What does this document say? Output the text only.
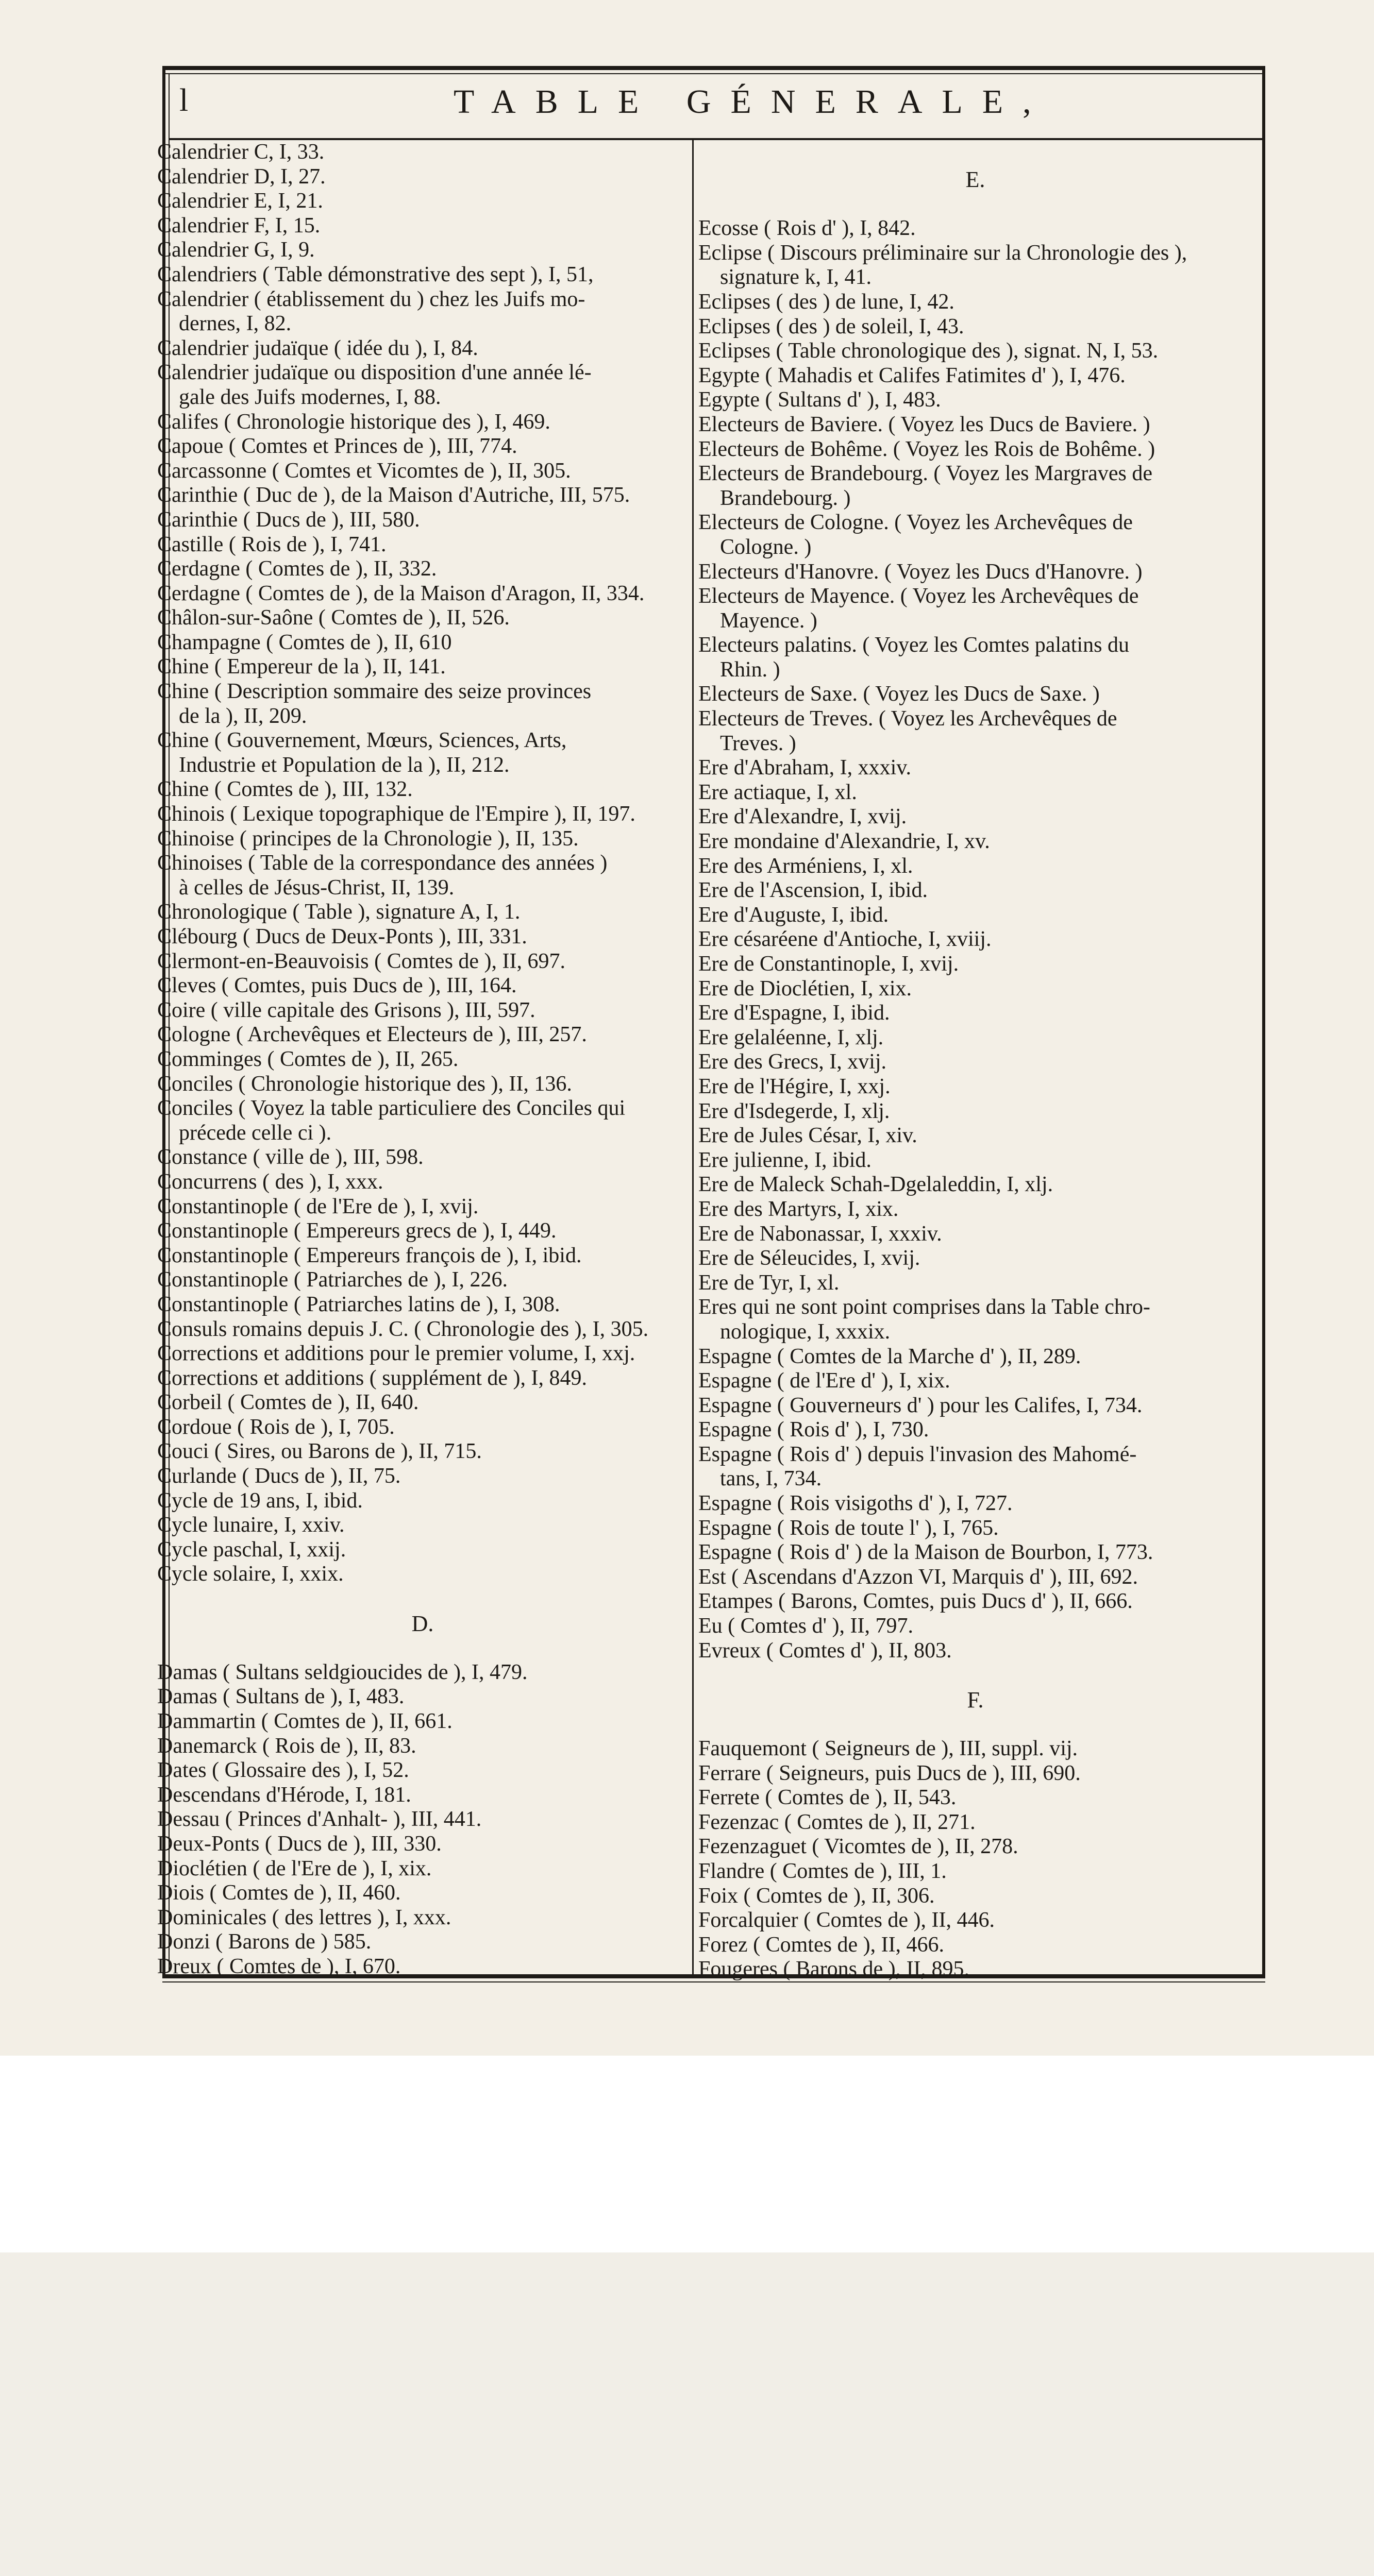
l	TABLE GÉNERALE,
Calendrier C, I, 33.
Calendrier D, I, 27.
Calendrier E, I, 21.
Calendrier F, I, 15.
Calendrier G, I, 9.
Calendriers ( Table démonstrative des sept ), I, 51,
Calendrier ( établissement du ) chez les Juifs mo-
dernes, I, 82.
Calendrier judaïque ( idée du ), I, 84.
Calendrier judaïque ou disposition d'une année lé-
gale des Juifs modernes, I, 88.
Califes ( Chronologie historique des ), I, 469.
Capoue ( Comtes et Princes de ), III, 774.
Carcassonne ( Comtes et Vicomtes de ), II, 305.
Carinthie ( Duc de ), de la Maison d'Autriche, III, 575.
Carinthie ( Ducs de ), III, 580.
Castille ( Rois de ), I, 741.
Cerdagne ( Comtes de ), II, 332.
Cerdagne ( Comtes de ), de la Maison d'Aragon, II, 334.
Châlon-sur-Saône ( Comtes de ), II, 526.
Champagne ( Comtes de ), II, 610
Chine ( Empereur de la ), II, 141.
Chine ( Description sommaire des seize provinces
de la ), II, 209.
Chine ( Gouvernement, Mœurs, Sciences, Arts,
Industrie et Population de la ), II, 212.
Chine ( Comtes de ), III, 132.
Chinois ( Lexique topographique de l'Empire ), II, 197.
Chinoise ( principes de la Chronologie ), II, 135.
Chinoises ( Table de la correspondance des années )
à celles de Jésus-Christ, II, 139.
Chronologique ( Table ), signature A, I, 1.
Clébourg ( Ducs de Deux-Ponts ), III, 331.
Clermont-en-Beauvoisis ( Comtes de ), II, 697.
Cleves ( Comtes, puis Ducs de ), III, 164.
Coire ( ville capitale des Grisons ), III, 597.
Cologne ( Archevêques et Electeurs de ), III, 257.
Comminges ( Comtes de ), II, 265.
Conciles ( Chronologie historique des ), II, 136.
Conciles ( Voyez la table particuliere des Conciles qui
précede celle ci ).
Constance ( ville de ), III, 598.
Concurrens ( des ), I, xxx.
Constantinople ( de l'Ere de ), I, xvij.
Constantinople ( Empereurs grecs de ), I, 449.
Constantinople ( Empereurs françois de ), I, ibid.
Constantinople ( Patriarches de ), I, 226.
Constantinople ( Patriarches latins de ), I, 308.
Consuls romains depuis J. C. ( Chronologie des ), I, 305.
Corrections et additions pour le premier volume, I, xxj.
Corrections et additions ( supplément de ), I, 849.
Corbeil ( Comtes de ), II, 640.
Cordoue ( Rois de ), I, 705.
Couci ( Sires, ou Barons de ), II, 715.
Curlande ( Ducs de ), II, 75.
Cycle de 19 ans, I, ibid.
Cycle lunaire, I, xxiv.
Cycle paschal, I, xxij.
Cycle solaire, I, xxix.

D.

Damas ( Sultans seldgioucides de ), I, 479.
Damas ( Sultans de ), I, 483.
Dammartin ( Comtes de ), II, 661.
Danemarck ( Rois de ), II, 83.
Dates ( Glossaire des ), I, 52.
Descendans d'Hérode, I, 181.
Dessau ( Princes d'Anhalt- ), III, 441.
Deux-Ponts ( Ducs de ), III, 330.
Dioclétien ( de l'Ere de ), I, xix.
Diois ( Comtes de ), II, 460.
Dominicales ( des lettres ), I, xxx.
Donzi ( Barons de ) 585.
Dreux ( Comtes de ), I, 670.
E.

Ecosse ( Rois d' ), I, 842.
Eclipse ( Discours préliminaire sur la Chronologie des ),
signature k, I, 41.
Eclipses ( des ) de lune, I, 42.
Eclipses ( des ) de soleil, I, 43.
Eclipses ( Table chronologique des ), signat. N, I, 53.
Egypte ( Mahadis et Califes Fatimites d' ), I, 476.
Egypte ( Sultans d' ), I, 483.
Electeurs de Baviere. ( Voyez les Ducs de Baviere. )
Electeurs de Bohême. ( Voyez les Rois de Bohême. )
Electeurs de Brandebourg. ( Voyez les Margraves de
Brandebourg. )
Electeurs de Cologne. ( Voyez les Archevêques de
Cologne. )
Electeurs d'Hanovre. ( Voyez les Ducs d'Hanovre. )
Electeurs de Mayence. ( Voyez les Archevêques de
Mayence. )
Electeurs palatins. ( Voyez les Comtes palatins du
Rhin. )
Electeurs de Saxe. ( Voyez les Ducs de Saxe. )
Electeurs de Treves. ( Voyez les Archevêques de
Treves. )
Ere d'Abraham, I, xxxiv.
Ere actiaque, I, xl.
Ere d'Alexandre, I, xvij.
Ere mondaine d'Alexandrie, I, xv.
Ere des Arméniens, I, xl.
Ere de l'Ascension, I, ibid.
Ere d'Auguste, I, ibid.
Ere césaréene d'Antioche, I, xviij.
Ere de Constantinople, I, xvij.
Ere de Dioclétien, I, xix.
Ere d'Espagne, I, ibid.
Ere gelaléenne, I, xlj.
Ere des Grecs, I, xvij.
Ere de l'Hégire, I, xxj.
Ere d'Isdegerde, I, xlj.
Ere de Jules César, I, xiv.
Ere julienne, I, ibid.
Ere de Maleck Schah-Dgelaleddin, I, xlj.
Ere des Martyrs, I, xix.
Ere de Nabonassar, I, xxxiv.
Ere de Séleucides, I, xvij.
Ere de Tyr, I, xl.
Eres qui ne sont point comprises dans la Table chro-
nologique, I, xxxix.
Espagne ( Comtes de la Marche d' ), II, 289.
Espagne ( de l'Ere d' ), I, xix.
Espagne ( Gouverneurs d' ) pour les Califes, I, 734.
Espagne ( Rois d' ), I, 730.
Espagne ( Rois d' ) depuis l'invasion des Mahomé-
tans, I, 734.
Espagne ( Rois visigoths d' ), I, 727.
Espagne ( Rois de toute l' ), I, 765.
Espagne ( Rois d' ) de la Maison de Bourbon, I, 773.
Est ( Ascendans d'Azzon VI, Marquis d' ), III, 692.
Etampes ( Barons, Comtes, puis Ducs d' ), II, 666.
Eu ( Comtes d' ), II, 797.
Evreux ( Comtes d' ), II, 803.

F.

Fauquemont ( Seigneurs de ), III, suppl. vij.
Ferrare ( Seigneurs, puis Ducs de ), III, 690.
Ferrete ( Comtes de ), II, 543.
Fezenzac ( Comtes de ), II, 271.
Fezenzaguet ( Vicomtes de ), II, 278.
Flandre ( Comtes de ), III, 1.
Foix ( Comtes de ), II, 306.
Forcalquier ( Comtes de ), II, 446.
Forez ( Comtes de ), II, 466.
Fougeres ( Barons de ), II, 895.
